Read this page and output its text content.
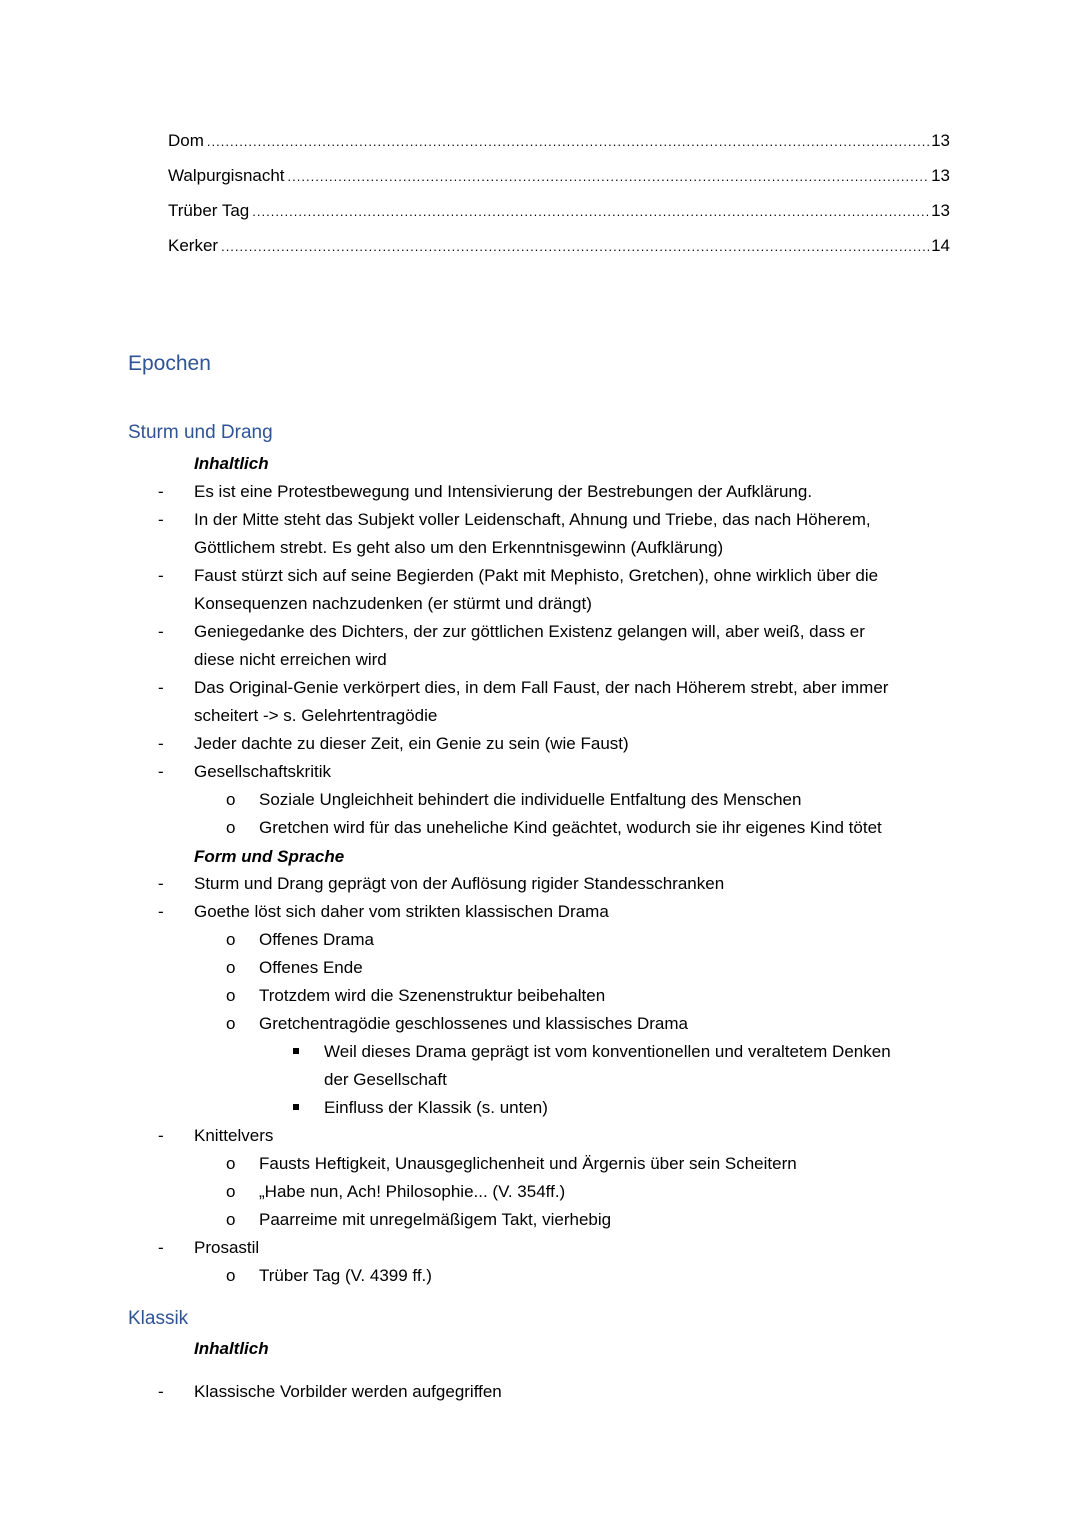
Dom .....	13
Walpurgisnacht .....	13
Trüber Tag .....	13
Kerker .....	14
Epochen
Sturm und Drang
Inhaltlich
- Es ist eine Protestbewegung und Intensivierung der Bestrebungen der Aufklärung.
- In der Mitte steht das Subjekt voller Leidenschaft, Ahnung und Triebe, das nach Höherem,
Göttlichem strebt. Es geht also um den Erkenntnisgewinn (Aufklärung)
- Faust stürzt sich auf seine Begierden (Pakt mit Mephisto, Gretchen), ohne wirklich über die
Konsequenzen nachzudenken (er stürmt und drängt)
- Geniegedanke des Dichters, der zur göttlichen Existenz gelangen will, aber weiß, dass er
diese nicht erreichen wird
- Das Original-Genie verkörpert dies, in dem Fall Faust, der nach Höherem strebt, aber immer
scheitert -> s. Gelehrtentragödie
- Jeder dachte zu dieser Zeit, ein Genie zu sein (wie Faust)
- Gesellschaftskritik
o Soziale Ungleichheit behindert die individuelle Entfaltung des Menschen
o Gretchen wird für das uneheliche Kind geächtet, wodurch sie ihr eigenes Kind tötet
Form und Sprache
- Sturm und Drang geprägt von der Auflösung rigider Standesschranken
- Goethe löst sich daher vom strikten klassischen Drama
o Offenes Drama
o Offenes Ende
o Trotzdem wird die Szenenstruktur beibehalten
o Gretchentragödie geschlossenes und klassisches Drama
Weil dieses Drama geprägt ist vom konventionellen und veraltetem Denken
der Gesellschaft
Einfluss der Klassik (s. unten)
- Knittelvers
o Fausts Heftigkeit, Unausgeglichenheit und Ärgernis über sein Scheitern
o „Habe nun, Ach! Philosophie... (V. 354ff.)
o Paarreime mit unregelmäßigem Takt, vierhebig
- Prosastil
o Trüber Tag (V. 4399 ff.)
Klassik
Inhaltlich
- Klassische Vorbilder werden aufgegriffen
